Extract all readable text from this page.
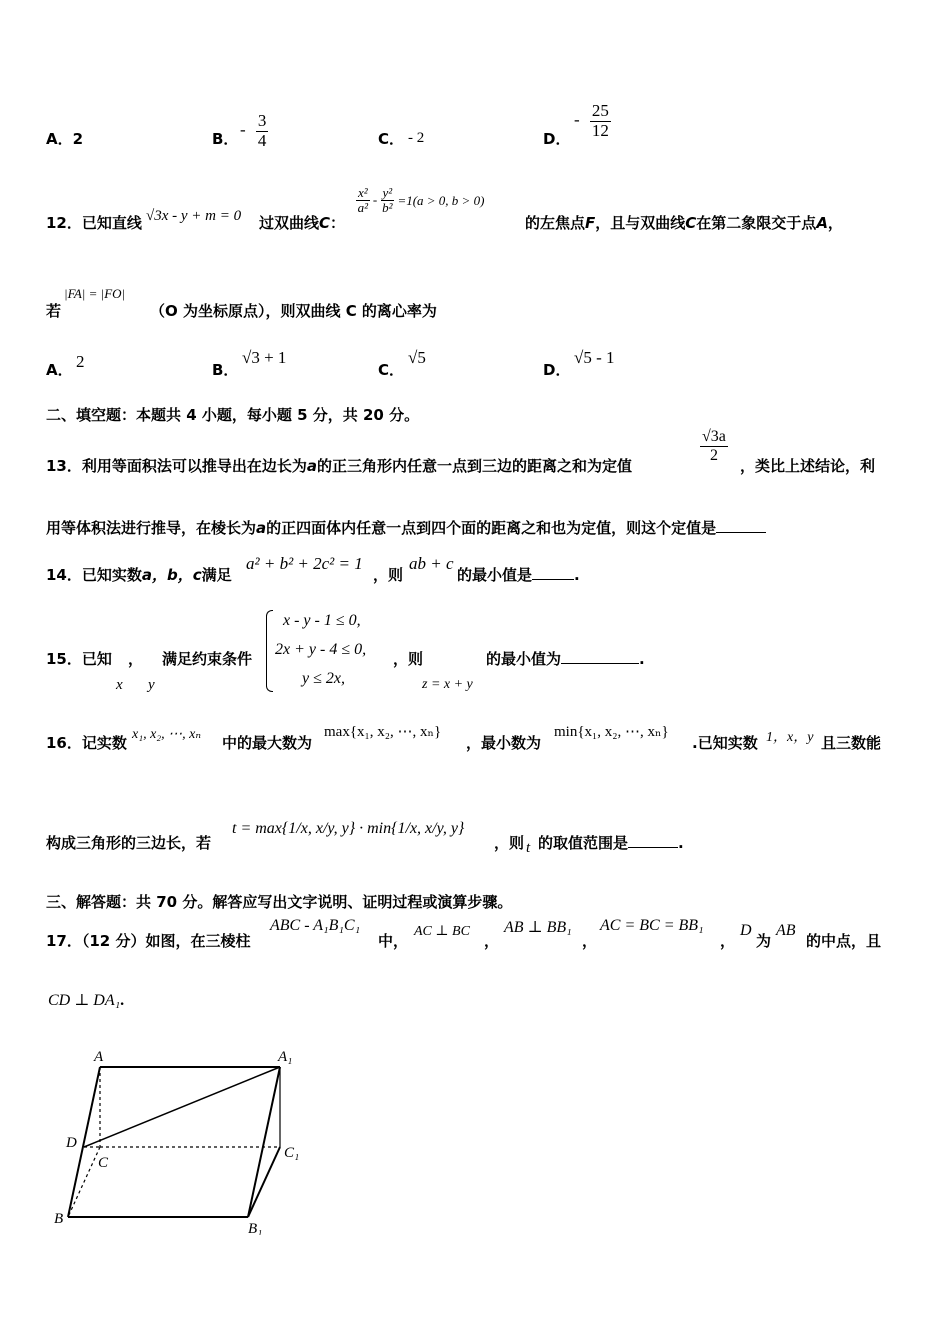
A．2	B． - $\frac{3}{4}$	C． - 2	D．
- $\frac{25}{12}$
12．已知直线 √3x - y + m = 0 过双曲线C：
$\frac{\text{x²}}{\text{a²}} - \frac{\text{y²}}{\text{b²}} =1(a > 0$, b > 0)
的左焦点F，且与双曲线C在第二象限交于点A，
若
|FA| = |FO|
（O 为坐标原点），则双曲线 C 的离心率为
A． 2	B．
√3 + 1
C．
√5
D．
√5 - 1
二、填空题：本题共 4 小题，每小题 5 分，共 20 分。
13．利用等面积法可以推导出在边长为a的正三角形内任意一点到三边的距离之和为定值
$\frac{√3a}{2}$
，类比上述结论，利
用等体积法进行推导，在棱长为a的正四面体内任意一点到四个面的距离之和也为定值，则这个定值是
14．已知实数a，b，c满足
a² + b² + 2c² = 1
，则
ab + c
的最小值是	.
15．已知 ， 满足约束条件
x y
x - y - 1 ≤ 0,
2x + y - 4 ≤ 0,
y ≤ 2x,
，则
z = x + y
的最小值为	.
16．记实数 x₁, x₂, ⋯, xₙ 中的最大数为
max{x₁, x₂, ⋯, xₙ}
，最小数为
min{x₁, x₂, ⋯, xₙ}
.已知实数 1，x，y 且三数能
构成三角形的三边长，若
t = max{1/x, x/y, y} · min{1/x, x/y, y}
，则 t 的取值范围是	.
三、解答题：共 70 分。解答应写出文字说明、证明过程或演算步骤。
17．（12 分）如图，在三棱柱
ABC - A₁B₁C₁
中，
AC ⊥ BC
，
AB ⊥ BB₁
，
AC = BC = BB₁
，
D
为
AB
的中点，且
CD ⊥ DA₁.
A	A₁
D
C
C₁
B
B₁
